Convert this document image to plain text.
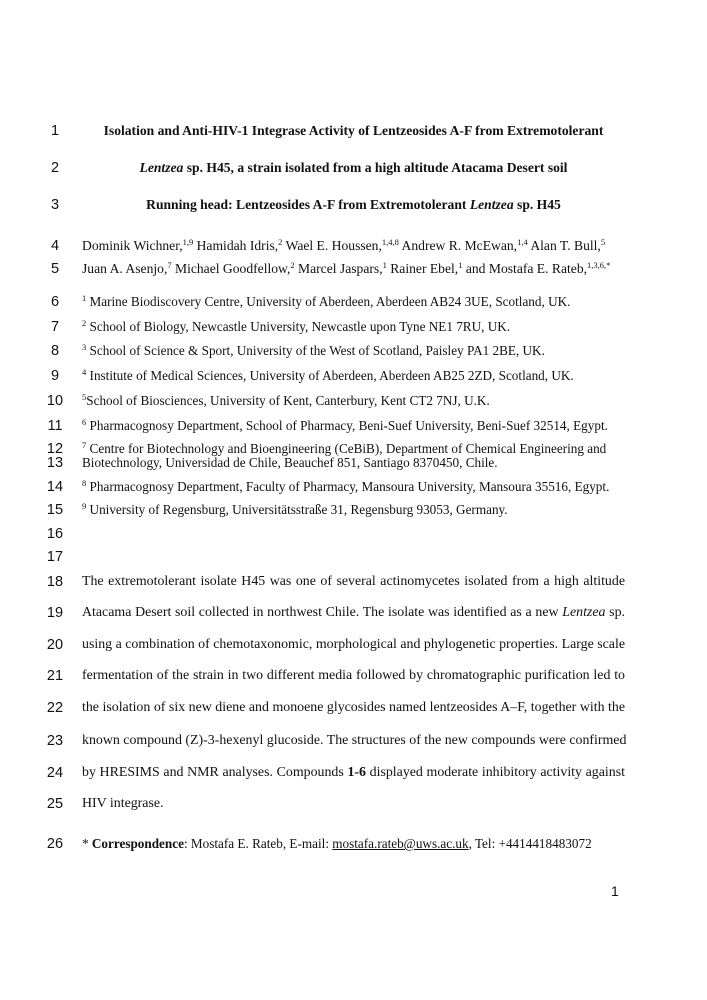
1
2
3
4
5
6
7
8
9
10
11
12
13
14
15
16
17
18
19
20
21
22
23
24
25
26
Isolation and Anti-HIV-1 Integrase Activity of Lentzeosides A-F from Extremotolerant
Lentzea sp. H45, a strain isolated from a high altitude Atacama Desert soil
Running head: Lentzeosides A-F from Extremotolerant Lentzea sp. H45
Dominik Wichner,$^{1,9}$ Hamidah Idris,$^2$ Wael E. Houssen,$^{1,4,8}$ Andrew R. McEwan,$^{1,4}$ Alan T. Bull,$^5$
Juan A. Asenjo,$^7$ Michael Goodfellow,$^2$ Marcel Jaspars,$^1$ Rainer Ebel,$^1$ and Mostafa E. Rateb,$^{1,3,6,*}$
$^1$ Marine Biodiscovery Centre, University of Aberdeen, Aberdeen AB24 3UE, Scotland, UK.
$^2$ School of Biology, Newcastle University, Newcastle upon Tyne NE1 7RU, UK.
$^3$ School of Science & Sport, University of the West of Scotland, Paisley PA1 2BE, UK.
$^4$ Institute of Medical Sciences, University of Aberdeen, Aberdeen AB25 2ZD, Scotland, UK.
$^5$School of Biosciences, University of Kent, Canterbury, Kent CT2 7NJ, U.K.
$^6$ Pharmacognosy Department, School of Pharmacy, Beni-Suef University, Beni-Suef 32514, Egypt.
$^7$ Centre for Biotechnology and Bioengineering (CeBiB), Department of Chemical Engineering and
Biotechnology, Universidad de Chile, Beauchef 851, Santiago 8370450, Chile.
$^8$ Pharmacognosy Department, Faculty of Pharmacy, Mansoura University, Mansoura 35516, Egypt.
$^9$ University of Regensburg, Universitätsstraße 31, Regensburg 93053, Germany.
The extremotolerant isolate H45 was one of several actinomycetes isolated from a high altitude
Atacama Desert soil collected in northwest Chile. The isolate was identified as a new Lentzea sp.
using a combination of chemotaxonomic, morphological and phylogenetic properties. Large scale
fermentation of the strain in two different media followed by chromatographic purification led to
the isolation of six new diene and monoene glycosides named lentzeosides A–F, together with the
known compound (Z)-3-hexenyl glucoside. The structures of the new compounds were confirmed
by HRESIMS and NMR analyses. Compounds 1-6 displayed moderate inhibitory activity against
HIV integrase.
* Correspondence: Mostafa E. Rateb, E-mail: mostafa.rateb@uws.ac.uk, Tel: +4414418483072
1
